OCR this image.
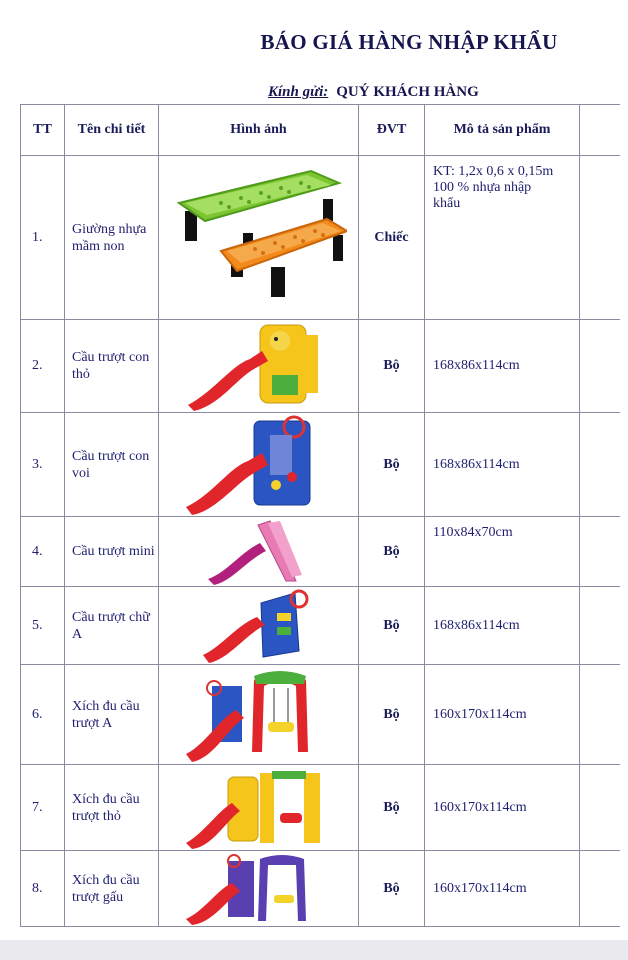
BÁO GIÁ HÀNG NHẬP KHẨU
Kính gửi: QUÝ KHÁCH HÀNG
TT	Tên chi tiết	Hình ảnh	ĐVT	Mô tả sản phẩm	
1.	Giường nhựa mầm non		Chiếc	KT: 1,2x 0,6 x 0,15m
100 % nhựa nhập
khẩu	

2.	Cầu trượt con thỏ		Bộ	168x86x114cm	
3.	Cầu trượt con voi		Bộ	168x86x114cm	
4.	Cầu trượt mini		Bộ	110x84x70cm	
5.	Cầu trượt chữ A		Bộ	168x86x114cm	
6.	Xích đu cầu trượt A		Bộ	160x170x114cm	
7.	Xích đu cầu trượt thỏ		Bộ	160x170x114cm	
8.	Xích đu cầu trượt gấu		Bộ	160x170x114cm	
